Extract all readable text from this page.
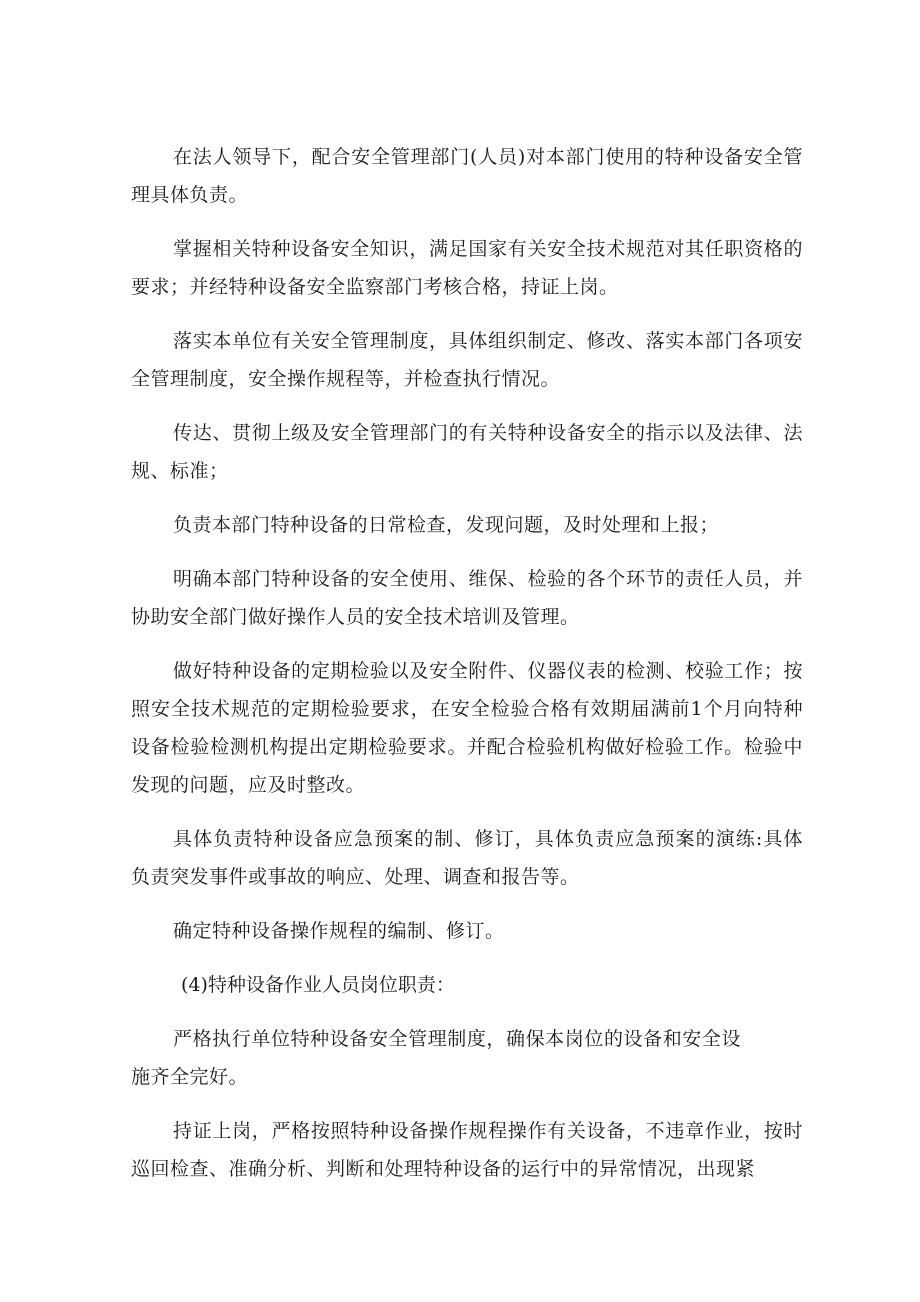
在法人领导下，配合安全管理部门(人员)对本部门使用的特种设备安全管理具体负责。

掌握相关特种设备安全知识，满足国家有关安全技术规范对其任职资格的要求；并经特种设备安全监察部门考核合格，持证上岗。

落实本单位有关安全管理制度，具体组织制定、修改、落实本部门各项安全管理制度，安全操作规程等，并检查执行情况。

传达、贯彻上级及安全管理部门的有关特种设备安全的指示以及法律、法规、标准；

负责本部门特种设备的日常检查，发现问题，及时处理和上报；

明确本部门特种设备的安全使用、维保、检验的各个环节的责任人员，并协助安全部门做好操作人员的安全技术培训及管理。

做好特种设备的定期检验以及安全附件、仪器仪表的检测、校验工作；按照安全技术规范的定期检验要求，在安全检验合格有效期届满前1个月向特种设备检验检测机构提出定期检验要求。并配合检验机构做好检验工作。检验中发现的问题，应及时整改。

具体负责特种设备应急预案的制、修订，具体负责应急预案的演练:具体负责突发事件或事故的响应、处理、调查和报告等。

确定特种设备操作规程的编制、修订。

(4)特种设备作业人员岗位职责：

严格执行单位特种设备安全管理制度，确保本岗位的设备和安全设施齐全完好。

持证上岗，严格按照特种设备操作规程操作有关设备，不违章作业，按时巡回检查、准确分析、判断和处理特种设备的运行中的异常情况，出现紧
